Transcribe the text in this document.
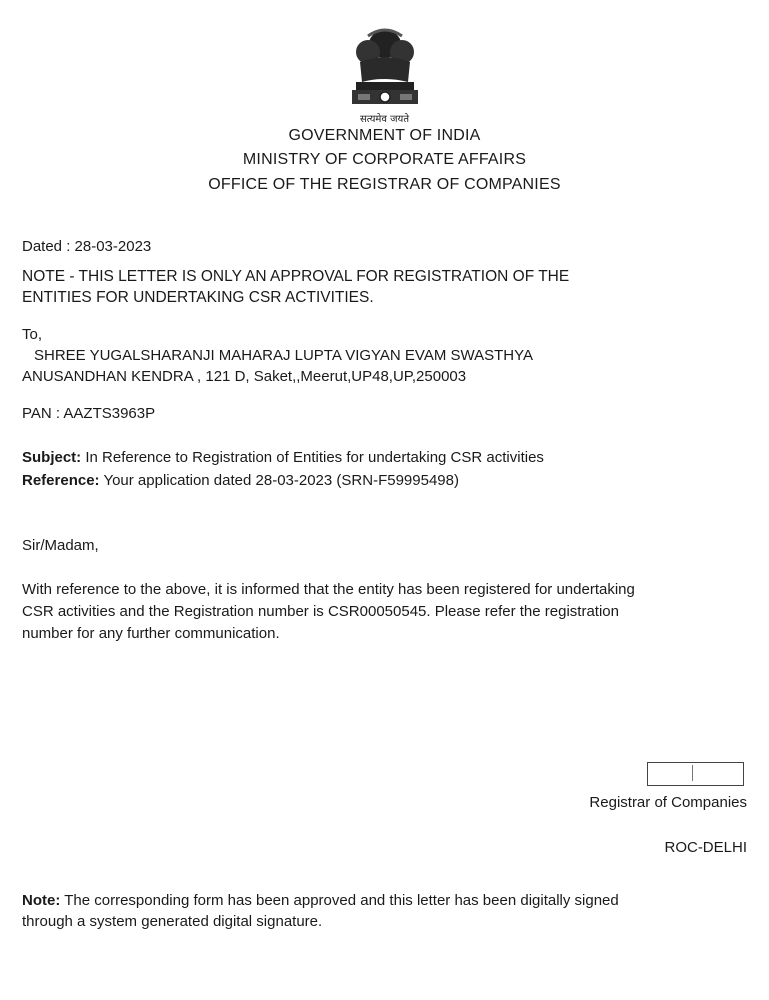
सत्यमेव जयते
GOVERNMENT OF INDIA
MINISTRY OF CORPORATE AFFAIRS
OFFICE OF THE REGISTRAR OF COMPANIES
Dated : 28-03-2023
NOTE - THIS LETTER IS ONLY AN APPROVAL FOR REGISTRATION OF THE
ENTITIES FOR UNDERTAKING CSR ACTIVITIES.
To,
SHREE YUGALSHARANJI MAHARAJ LUPTA VIGYAN EVAM SWASTHYA
ANUSANDHAN KENDRA , 121 D, Saket,,Meerut,UP48,UP,250003
PAN : AAZTS3963P
Subject: In Reference to Registration of Entities for undertaking CSR activities
Reference: Your application dated 28-03-2023 (SRN-F59995498)
Sir/Madam,
With reference to the above, it is informed that the entity has been registered for undertaking
CSR activities and the Registration number is CSR00050545. Please refer the registration
number for any further communication.
Registrar of Companies
ROC-DELHI
Note: The corresponding form has been approved and this letter has been digitally signed
through a system generated digital signature.
